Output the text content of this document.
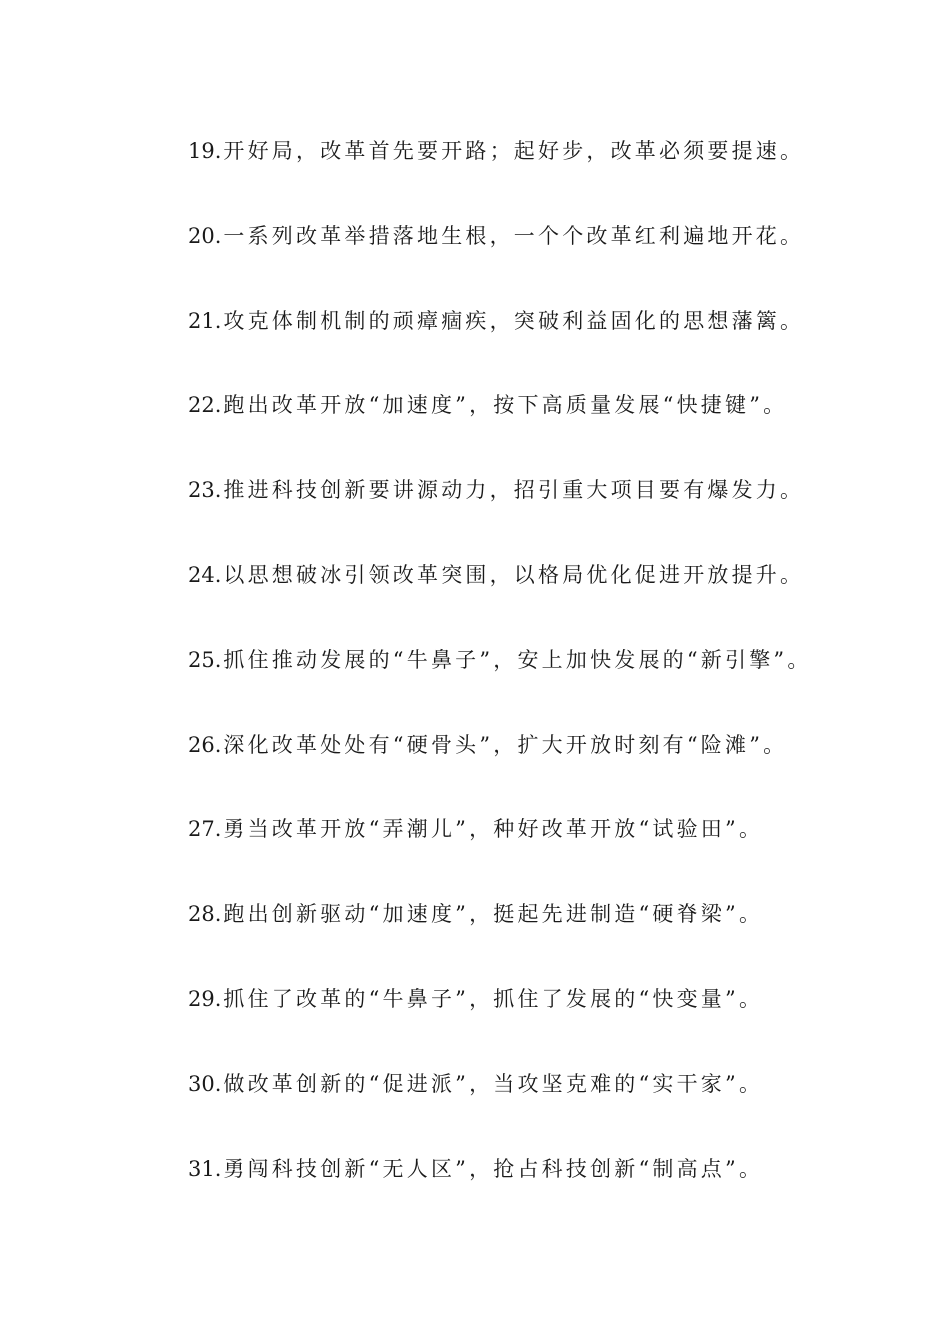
19. 开好局，改革首先要开路；起好步，改革必须要提速。
20. 一系列改革举措落地生根，一个个改革红利遍地开花。
21. 攻克体制机制的顽瘴痼疾，突破利益固化的思想藩篱。
22. 跑出改革开放“加速度”，按下高质量发展“快捷键”。
23. 推进科技创新要讲源动力，招引重大项目要有爆发力。
24. 以思想破冰引领改革突围，以格局优化促进开放提升。
25. 抓住推动发展的“牛鼻子”，安上加快发展的“新引擎”。
26. 深化改革处处有“硬骨头”，扩大开放时刻有“险滩”。
27. 勇当改革开放“弄潮儿”，种好改革开放“试验田”。
28. 跑出创新驱动“加速度”，挺起先进制造“硬脊梁”。
29. 抓住了改革的“牛鼻子”，抓住了发展的“快变量”。
30. 做改革创新的“促进派”，当攻坚克难的“实干家”。
31. 勇闯科技创新“无人区”，抢占科技创新“制高点”。
